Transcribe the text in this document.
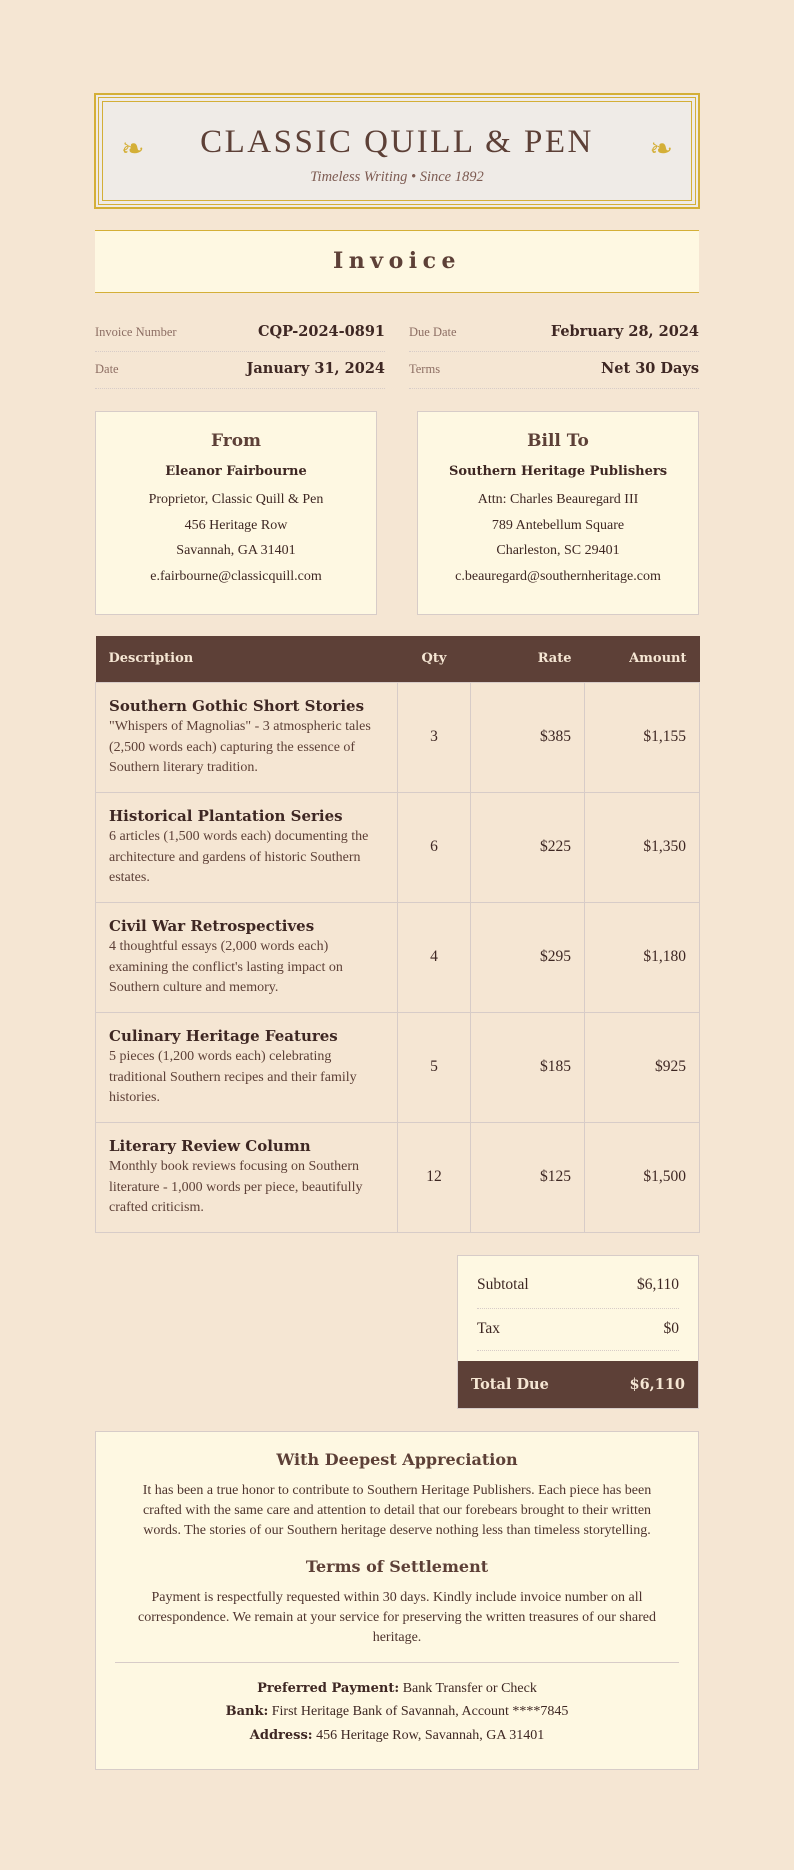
❧	CLASSIC QUILL & PEN
Timeless Writing • Since 1892
❧
Invoice
Invoice Number	CQP-2024-0891 Due Date	February 28, 2024
Date	January 31, 2024 Terms	Net 30 Days
From
Eleanor Fairbourne
Proprietor, Classic Quill & Pen
456 Heritage Row
Savannah, GA 31401
e.fairbourne@classicquill.com
Bill To
Southern Heritage Publishers
Attn: Charles Beauregard III
789 Antebellum Square
Charleston, SC 29401
c.beauregard@southernheritage.com
Description	Qty	Rate	Amount

Southern Gothic Short Stories
"Whispers of Magnolias" - 3 atmospheric tales (2,500 words each) capturing the essence of Southern literary tradition.	3	$385	$1,155

Historical Plantation Series
6 articles (1,500 words each) documenting the architecture and gardens of historic Southern estates.	6	$225	$1,350

Civil War Retrospectives
4 thoughtful essays (2,000 words each) examining the conflict's lasting impact on Southern culture and memory.	4	$295	$1,180

Culinary Heritage Features
5 pieces (1,200 words each) celebrating traditional Southern recipes and their family histories.	5	$185	$925

Literary Review Column
Monthly book reviews focusing on Southern literature - 1,000 words per piece, beautifully crafted criticism.	12	$125	$1,500
Subtotal	$6,110
Tax	$0
Total Due	$6,110
With Deepest Appreciation

It has been a true honor to contribute to Southern Heritage Publishers. Each piece has been crafted with the same care and attention to detail that our forebears brought to their written words. The stories of our Southern heritage deserve nothing less than timeless storytelling.

Terms of Settlement

Payment is respectfully requested within 30 days. Kindly include invoice number on all correspondence. We remain at your service for preserving the written treasures of our shared heritage.

Preferred Payment: Bank Transfer or Check
Bank: First Heritage Bank of Savannah, Account ****7845
Address: 456 Heritage Row, Savannah, GA 31401
